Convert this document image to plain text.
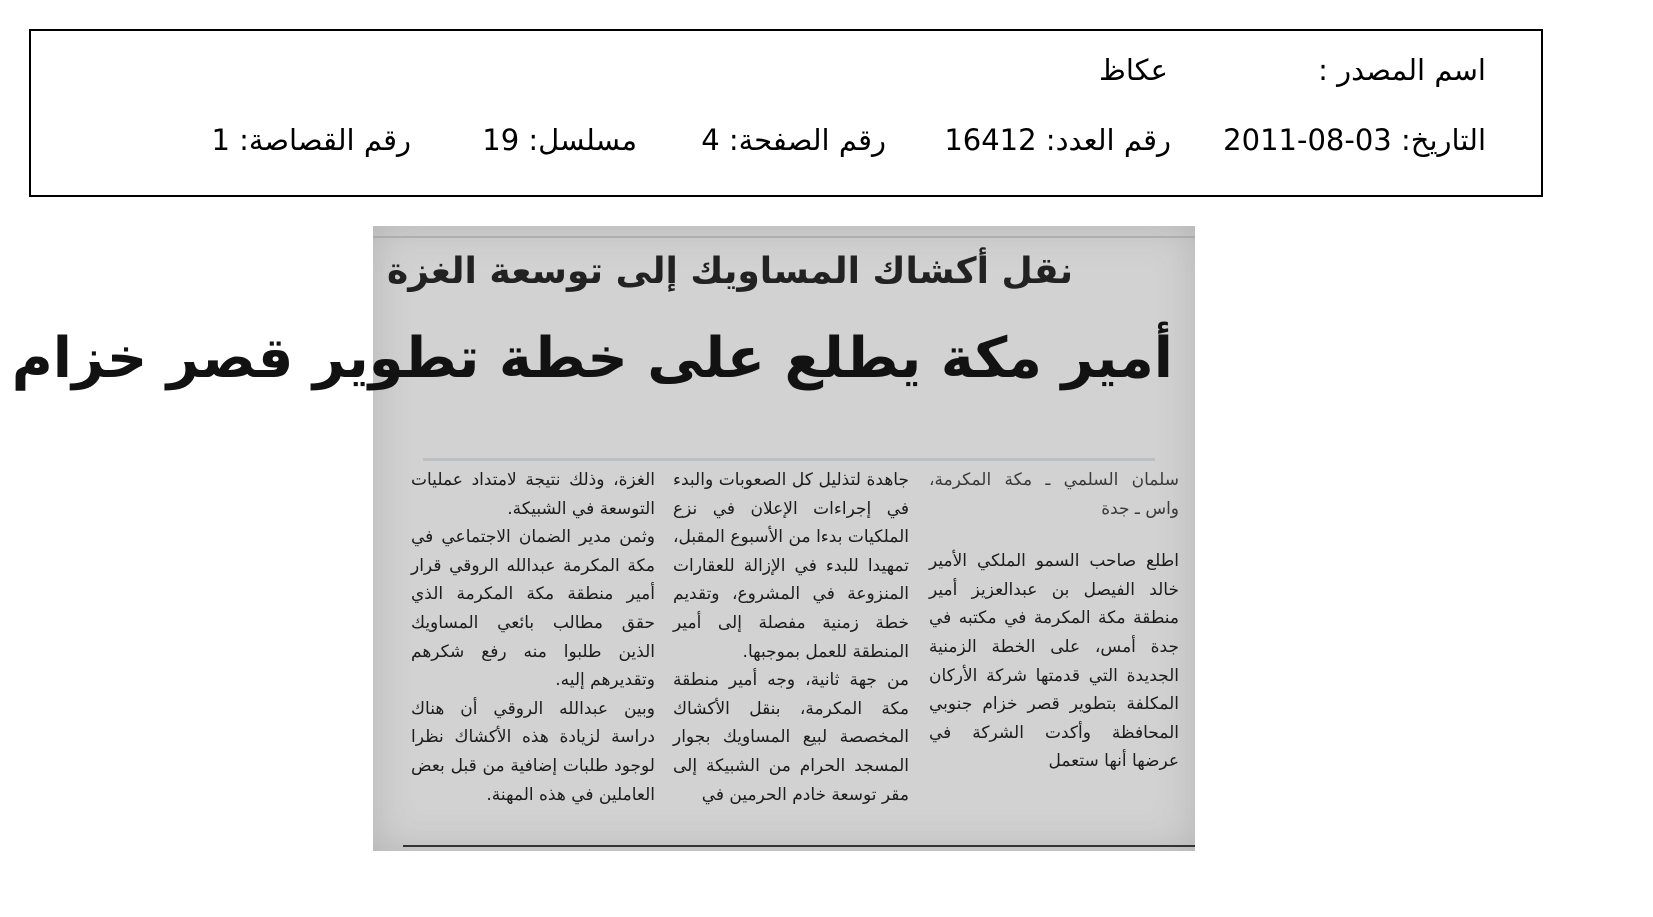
اسم المصدر :
عكاظ
التاريخ: 03-08-2011
رقم العدد: 16412
رقم الصفحة: 4
مسلسل: 19
رقم القصاصة: 1
نقل أكشاك المساويك إلى توسعة الغزة
أمير مكة يطلع على خطة تطوير قصر خزام

سلمان السلمي ـ مكة المكرمة، واس ـ جدة

اطلع صاحب السمو الملكي الأمير خالد الفيصل بن عبدالعزيز أمير منطقة مكة المكرمة في مكتبه في جدة أمس، على الخطة الزمنية الجديدة التي قدمتها شركة الأركان المكلفة بتطوير قصر خزام جنوبي المحافظة وأكدت الشركة في عرضها أنها ستعمل

جاهدة لتذليل كل الصعوبات والبدء في إجراءات الإعلان في نزع الملكيات بدءا من الأسبوع المقبل، تمهيدا للبدء في الإزالة للعقارات المنزوعة في المشروع، وتقديم خطة زمنية مفصلة إلى أمير المنطقة للعمل بموجبها.

من جهة ثانية، وجه أمير منطقة مكة المكرمة، بنقل الأكشاك المخصصة لبيع المساويك بجوار المسجد الحرام من الشبيكة إلى مقر توسعة خادم الحرمين في

الغزة، وذلك نتيجة لامتداد عمليات التوسعة في الشبيكة.

وثمن مدير الضمان الاجتماعي في مكة المكرمة عبدالله الروقي قرار أمير منطقة مكة المكرمة الذي حقق مطالب بائعي المساويك الذين طلبوا منه رفع شكرهم وتقديرهم إليه.

وبين عبدالله الروقي أن هناك دراسة لزيادة هذه الأكشاك نظرا لوجود طلبات إضافية من قبل بعض العاملين في هذه المهنة.
